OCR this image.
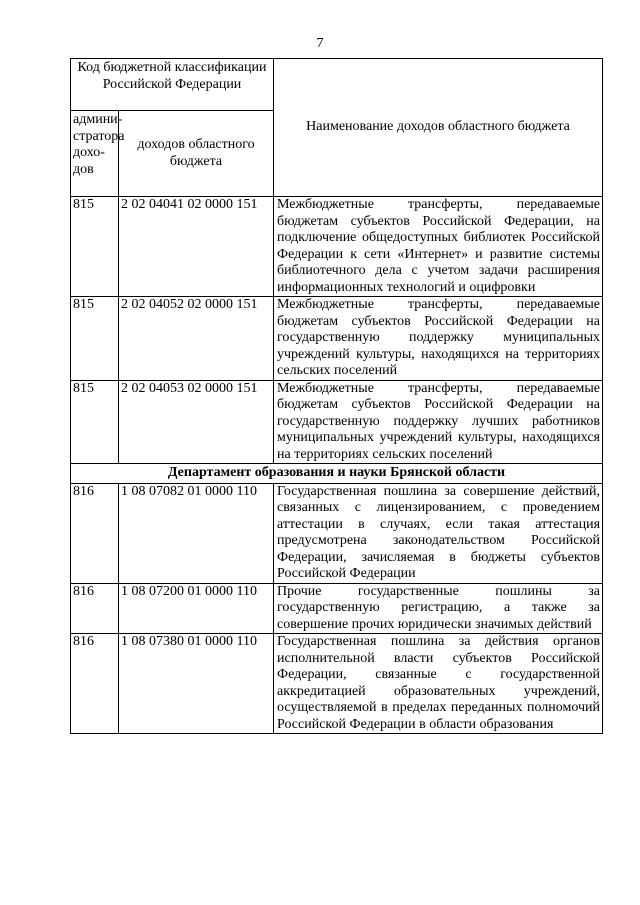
7
Код бюджетной классификации Российской Федерации		Наименование доходов областного бюджета
админи-стратора дохо-дов	доходов областного бюджета	
815	2 02 04041 02 0000 151	Межбюджетные трансферты, передаваемые бюджетам субъектов Российской Федерации, на подключение общедоступных библиотек Российской Федерации к сети «Интернет» и развитие системы библиотечного дела с учетом задачи расширения информационных технологий и оцифровки
815	2 02 04052 02 0000 151	Межбюджетные трансферты, передаваемые бюджетам субъектов Российской Федерации на государственную поддержку муниципальных учреждений культуры, находящихся на территориях сельских поселений
815	2 02 04053 02 0000 151	Межбюджетные трансферты, передаваемые бюджетам субъектов Российской Федерации на государственную поддержку лучших работников муниципальных учреждений культуры, находящихся на территориях сельских поселений
Департамент образования и науки Брянской области		
816	1 08 07082 01 0000 110	Государственная пошлина за совершение действий, связанных с лицензированием, с проведением аттестации в случаях, если такая аттестация предусмотрена законодательством Российской Федерации, зачисляемая в бюджеты субъектов Российской Федерации
816	1 08 07200 01 0000 110	Прочие государственные пошлины за государственную регистрацию, а также за совершение прочих юридически значимых действий
816	1 08 07380 01 0000 110	Государственная пошлина за действия органов исполнительной власти субъектов Российской Федерации, связанные с государственной аккредитацией образовательных учреждений, осуществляемой в пределах переданных полномочий Российской Федерации в области образования
